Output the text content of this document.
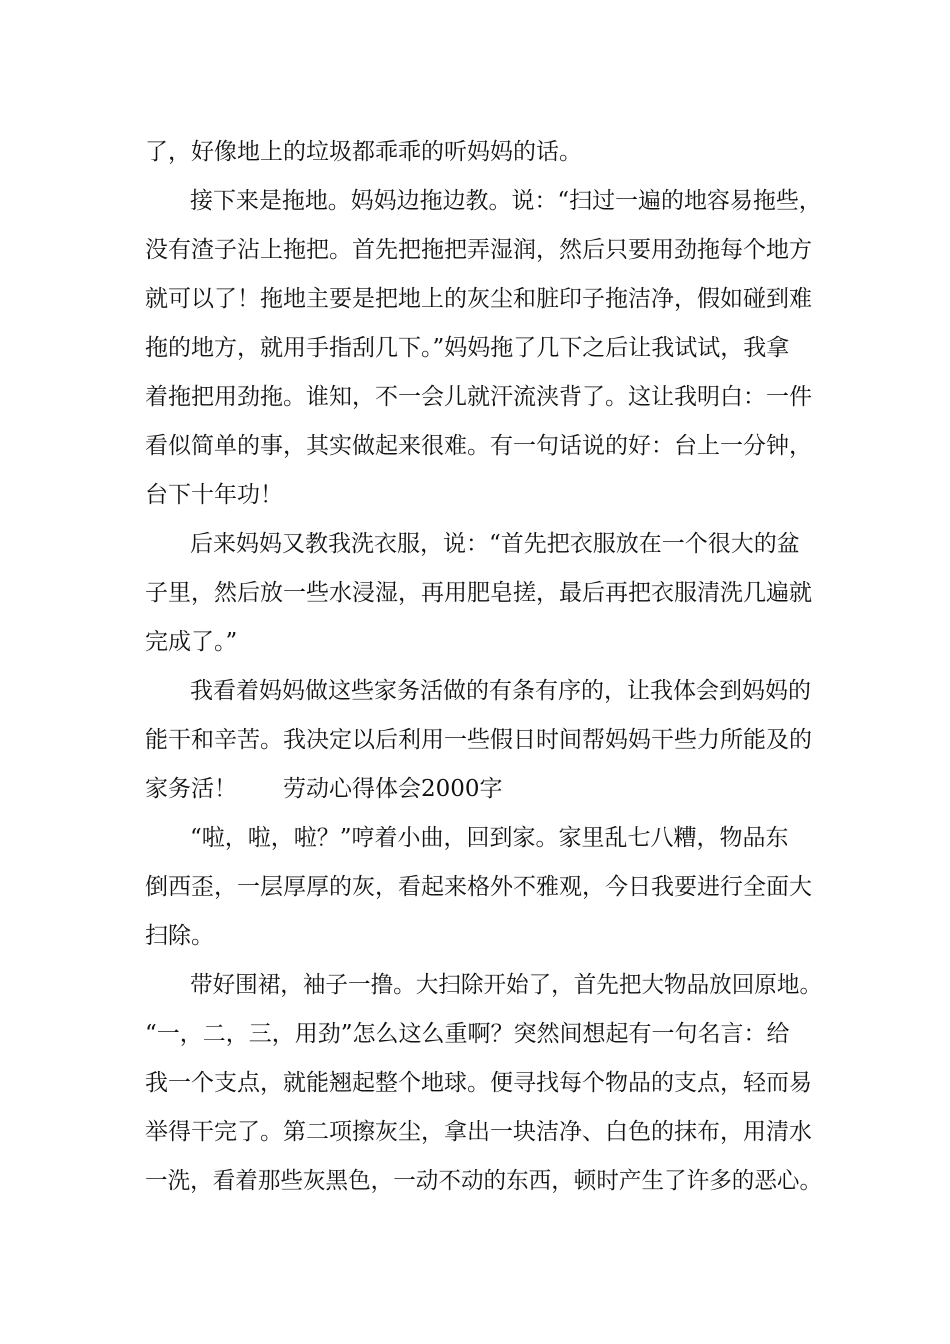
了，好像地上的垃圾都乖乖的听妈妈的话。
接下来是拖地。妈妈边拖边教。说：“扫过一遍的地容易拖些，
没有渣子沾上拖把。首先把拖把弄湿润，然后只要用劲拖每个地方
就可以了！拖地主要是把地上的灰尘和脏印子拖洁净，假如碰到难
拖的地方，就用手指刮几下。”妈妈拖了几下之后让我试试，我拿
着拖把用劲拖。谁知，不一会儿就汗流浃背了。这让我明白：一件
看似简单的事，其实做起来很难。有一句话说的好：台上一分钟，
台下十年功！
后来妈妈又教我洗衣服，说：“首先把衣服放在一个很大的盆
子里，然后放一些水浸湿，再用肥皂搓，最后再把衣服清洗几遍就
完成了。”
我看着妈妈做这些家务活做的有条有序的，让我体会到妈妈的
能干和辛苦。我决定以后利用一些假日时间帮妈妈干些力所能及的
家务活！　　劳动心得体会2000字
“啦，啦，啦？”哼着小曲，回到家。家里乱七八糟，物品东
倒西歪，一层厚厚的灰，看起来格外不雅观，今日我要进行全面大
扫除。
带好围裙，袖子一撸。大扫除开始了，首先把大物品放回原地。
“一，二，三，用劲”怎么这么重啊？突然间想起有一句名言：给
我一个支点，就能翘起整个地球。便寻找每个物品的支点，轻而易
举得干完了。第二项擦灰尘，拿出一块洁净、白色的抹布，用清水
一洗，看着那些灰黑色，一动不动的东西，顿时产生了许多的恶心。
